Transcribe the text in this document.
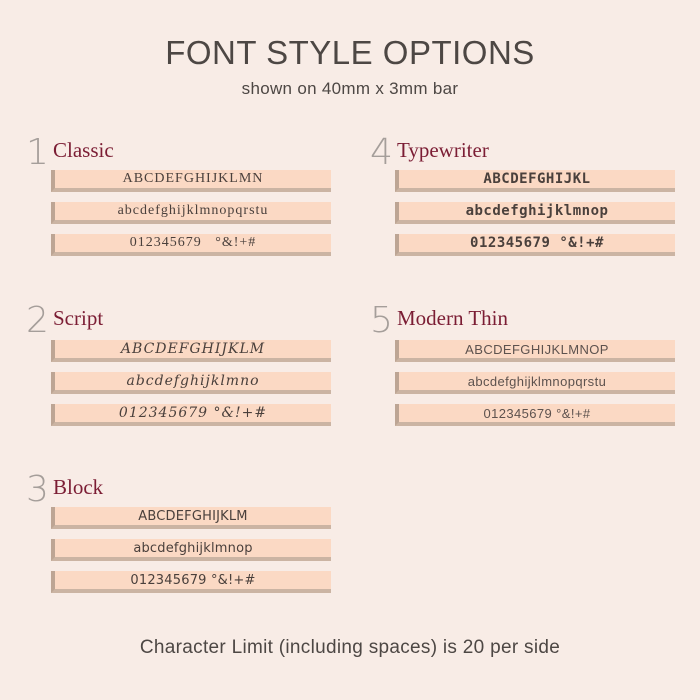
FONT STYLE OPTIONS
shown on 40mm x 3mm bar
1 Classic
ABCDEFGHIJKLMN
abcdefghijklmnopqrstu
012345679   °&!+#
2 Script
ABCDEFGHIJKLM
abcdefghijklmno
012345679 °&!+#
3 Block
ABCDEFGHIJKLM
abcdefghijklmnop
012345679 °&!+#
4 Typewriter
ABCDEFGHIJKL
abcdefghijklmnop
012345679 °&!+#
5 Modern Thin
ABCDEFGHIJKLMNOP
abcdefghijklmnopqrstu
012345679 °&!+#
Character Limit (including spaces) is 20 per side
